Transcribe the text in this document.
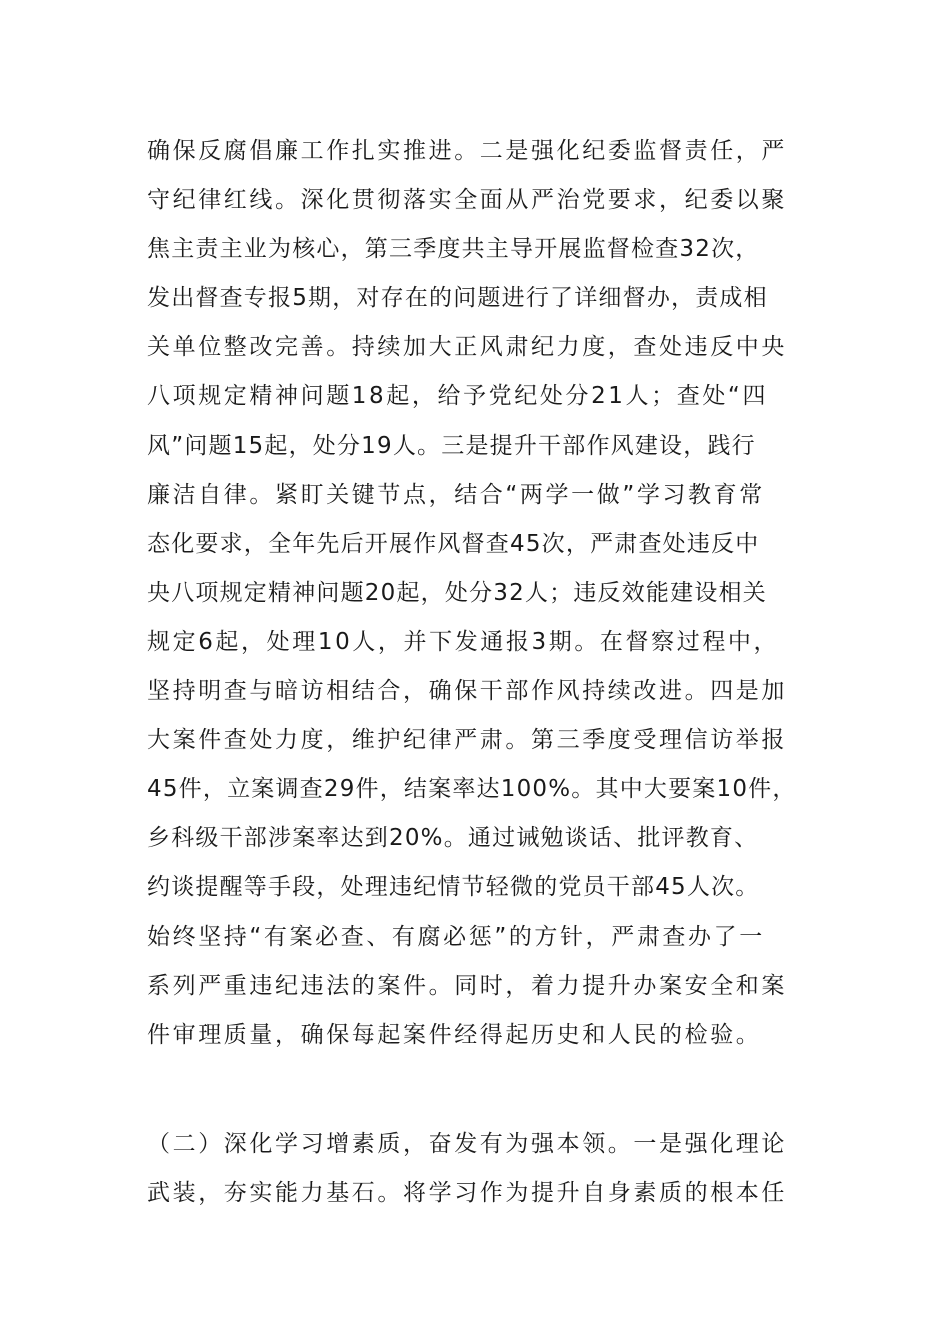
确保反腐倡廉工作扎实推进。二是强化纪委监督责任，严
守纪律红线。深化贯彻落实全面从严治党要求，纪委以聚
焦主责主业为核心，第三季度共主导开展监督检查32次，
发出督查专报5期，对存在的问题进行了详细督办，责成相
关单位整改完善。持续加大正风肃纪力度，查处违反中央
八项规定精神问题18起，给予党纪处分21人；查处“四
风”问题15起，处分19人。三是提升干部作风建设，践行
廉洁自律。紧盯关键节点，结合“两学一做”学习教育常
态化要求，全年先后开展作风督查45次，严肃查处违反中
央八项规定精神问题20起，处分32人；违反效能建设相关
规定6起，处理10人，并下发通报3期。在督察过程中，
坚持明查与暗访相结合，确保干部作风持续改进。四是加
大案件查处力度，维护纪律严肃。第三季度受理信访举报
45件，立案调查29件，结案率达100%。其中大要案10件，
乡科级干部涉案率达到20%。通过诫勉谈话、批评教育、
约谈提醒等手段，处理违纪情节轻微的党员干部45人次。
始终坚持“有案必查、有腐必惩”的方针，严肃查办了一
系列严重违纪违法的案件。同时，着力提升办案安全和案
件审理质量，确保每起案件经得起历史和人民的检验。
（二）深化学习增素质，奋发有为强本领。一是强化理论
武装，夯实能力基石。将学习作为提升自身素质的根本任
